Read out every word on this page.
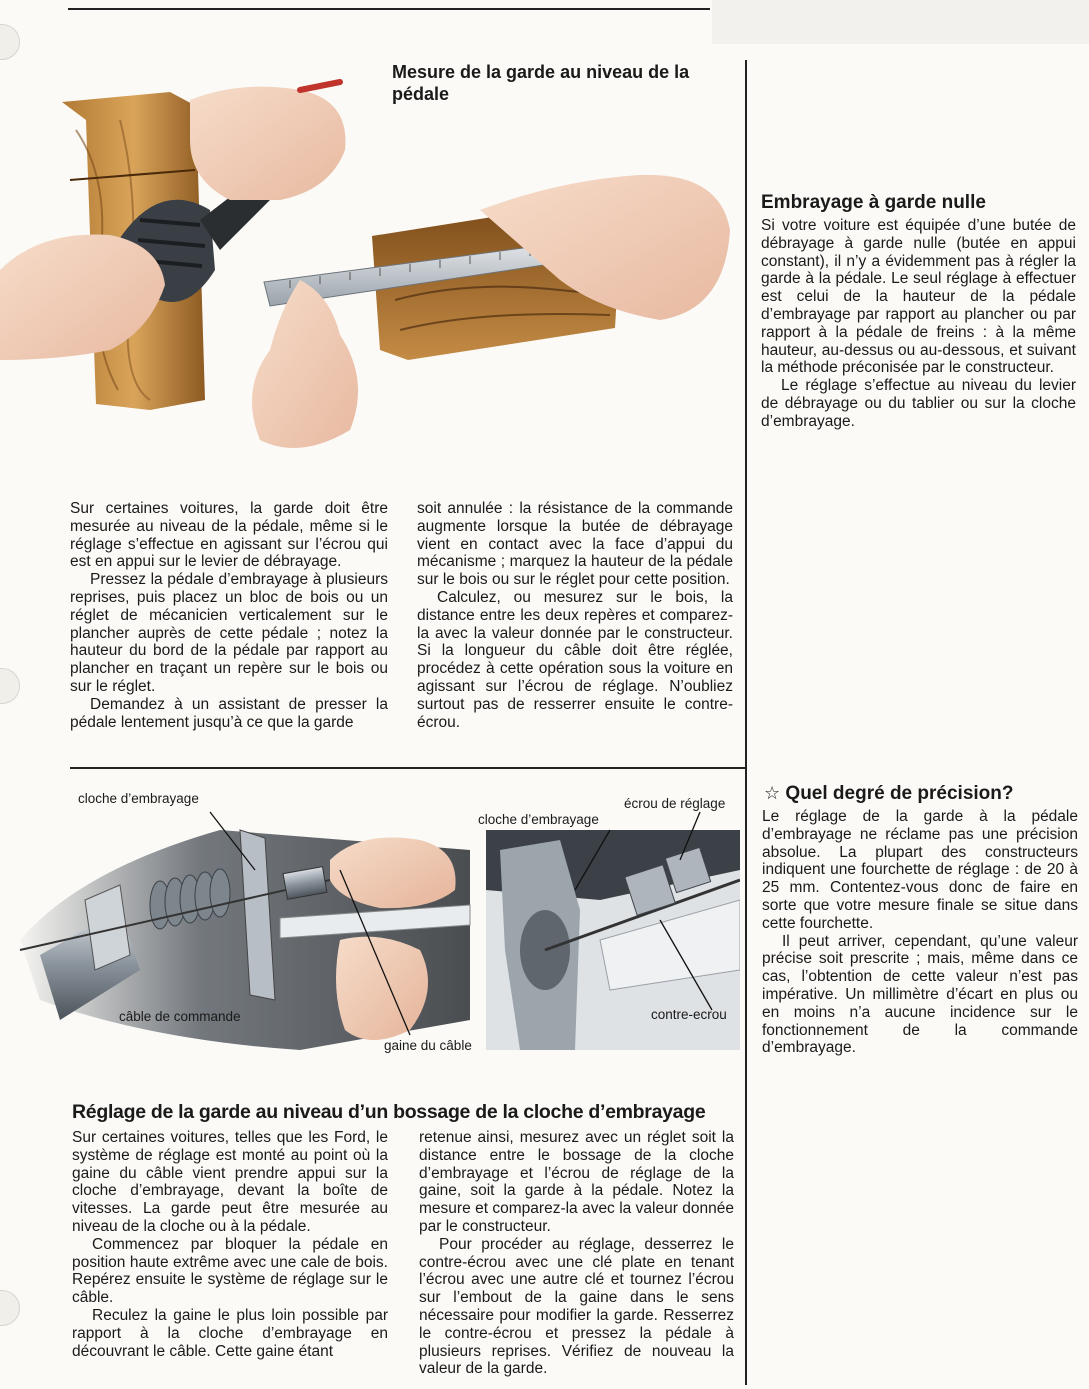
Mesure de la garde au niveau de la pédale
Embrayage à garde nulle

Si votre voiture est équipée d’une butée de débrayage à garde nulle (butée en appui constant), il n’y a évidemment pas à régler la garde à la pédale. Le seul réglage à effectuer est celui de la hauteur de la pédale d’embrayage par rapport au plancher ou par rapport à la pédale de freins : à la même hauteur, au-dessus ou au-dessous, et suivant la méthode préconisée par le constructeur.

Le réglage s’effectue au niveau du levier de débrayage ou du tablier ou sur la cloche d’embrayage.

Sur certaines voitures, la garde doit être mesurée au niveau de la pédale, même si le réglage s’effectue en agissant sur l’écrou qui est en appui sur le levier de débrayage.

Pressez la pédale d’embrayage à plusieurs reprises, puis placez un bloc de bois ou un réglet de mécanicien verticalement sur le plancher auprès de cette pédale ; notez la hauteur du bord de la pédale par rapport au plancher en traçant un repère sur le bois ou sur le réglet.

Demandez à un assistant de presser la pédale lentement jusqu’à ce que la garde

soit annulée : la résistance de la commande augmente lorsque la butée de débrayage vient en contact avec la face d’appui du mécanisme ; marquez la hauteur de la pédale sur le bois ou sur le réglet pour cette position.

Calculez, ou mesurez sur le bois, la distance entre les deux repères et comparez-la avec la valeur donnée par le constructeur. Si la longueur du câble doit être réglée, procédez à cette opération sous la voiture en agissant sur l’écrou de réglage. N’oubliez surtout pas de resserrer ensuite le contre-écrou.

cloche d’embrayage
câble de commande
gaine du câble
cloche d’embrayage
écrou de réglage
contre-ecrou
☆ Quel degré de précision?

Le réglage de la garde à la pédale d’embrayage ne réclame pas une précision absolue. La plupart des constructeurs indiquent une fourchette de réglage : de 20 à 25 mm. Contentez-vous donc de faire en sorte que votre mesure finale se situe dans cette fourchette.

Il peut arriver, cependant, qu’une valeur précise soit prescrite ; mais, même dans ce cas, l’obtention de cette valeur n’est pas impérative. Un millimètre d’écart en plus ou en moins n’a aucune incidence sur le fonctionnement de la commande d’embrayage.

Réglage de la garde au niveau d’un bossage de la cloche d’embrayage

Sur certaines voitures, telles que les Ford, le système de réglage est monté au point où la gaine du câble vient prendre appui sur la cloche d’embrayage, devant la boîte de vitesses. La garde peut être mesurée au niveau de la cloche ou à la pédale.

Commencez par bloquer la pédale en position haute extrême avec une cale de bois. Repérez ensuite le système de réglage sur le câble.

Reculez la gaine le plus loin possible par rapport à la cloche d’embrayage en découvrant le câble. Cette gaine étant

retenue ainsi, mesurez avec un réglet soit la distance entre le bossage de la cloche d’embrayage et l’écrou de réglage de la gaine, soit la garde à la pédale. Notez la mesure et comparez-la avec la valeur donnée par le constructeur.

Pour procéder au réglage, desserrez le contre-écrou avec une clé plate en tenant l’écrou avec une autre clé et tournez l’écrou sur l’embout de la gaine dans le sens nécessaire pour modifier la garde. Resserrez le contre-écrou et pressez la pédale à plusieurs reprises. Vérifiez de nouveau la valeur de la garde.
